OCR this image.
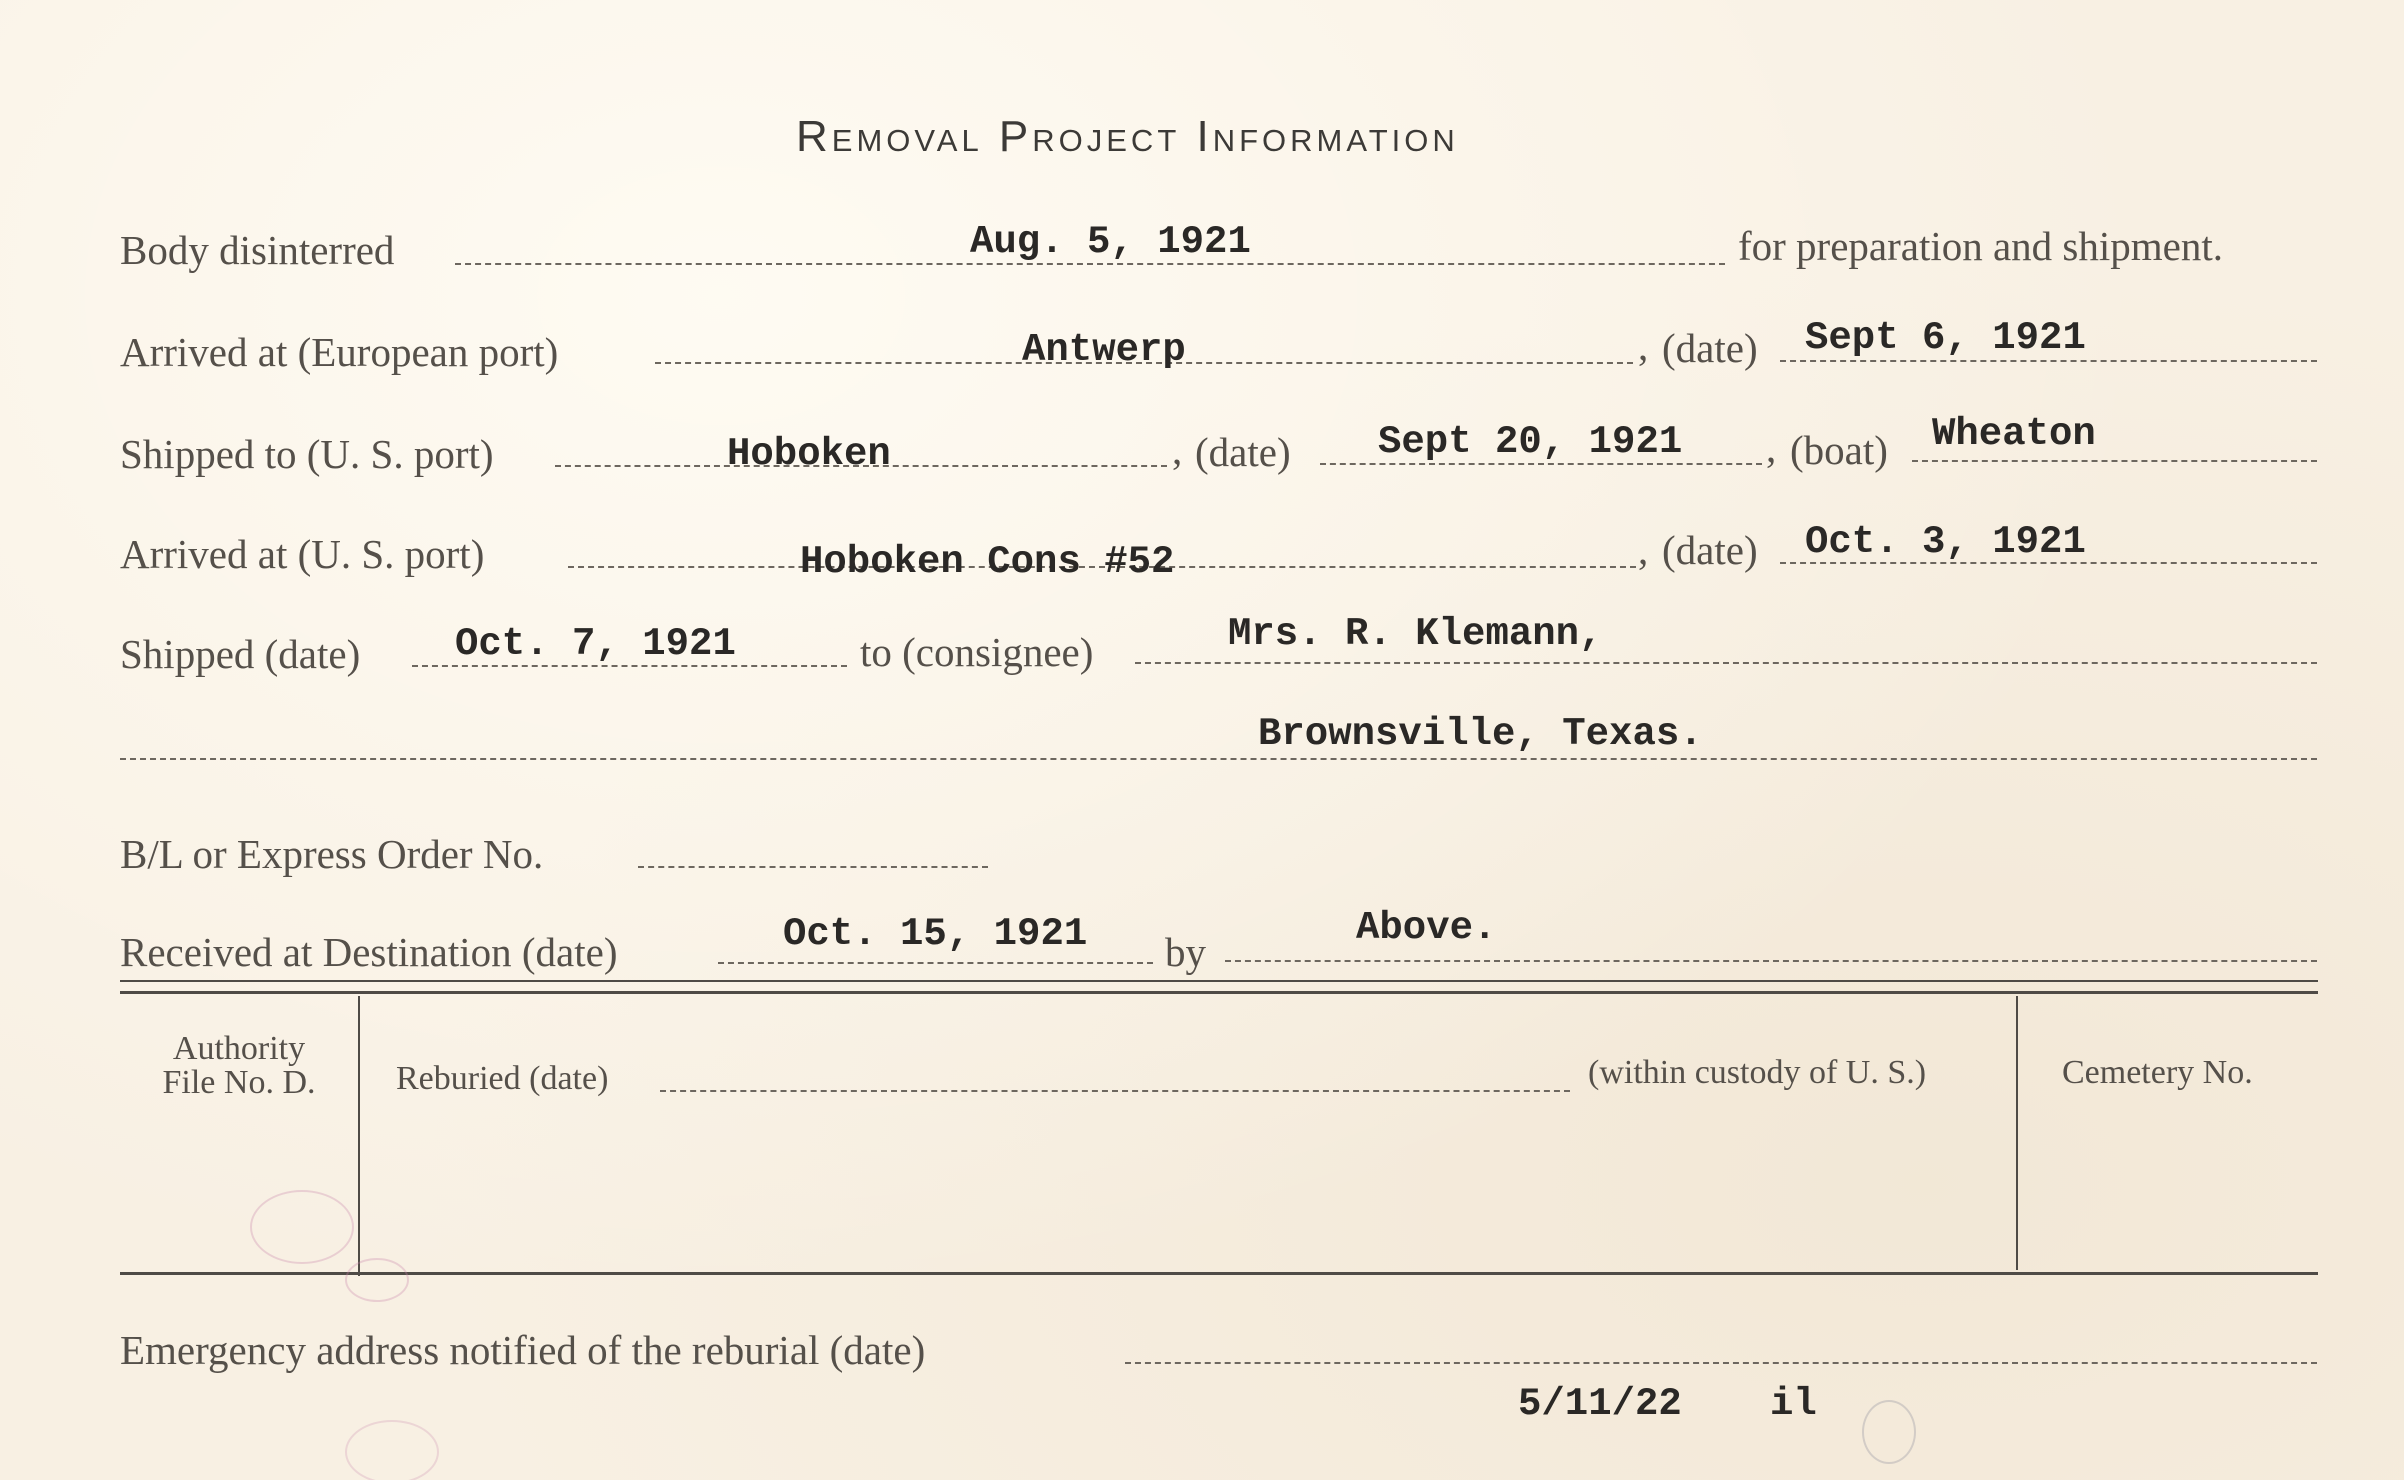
Removal Project Information
Body disinterred	Aug. 5, 1921	for preparation and shipment.
Arrived at (European port)	Antwerp	, (date) Sept 6, 1921
Shipped to (U. S. port)	Hoboken	, (date) Sept 20, 1921 , (boat) Wheaton
Arrived at (U. S. port)	Hoboken Cons #52	, (date) Oct. 3, 1921
Shipped (date) Oct. 7, 1921	to (consignee)	Mrs. R. Klemann,
Brownsville, Texas.
B/L or Express Order No.
Received at Destination (date)	Oct. 15, 1921 by
Above.
Authority
File No. D.	Reburied (date)	(within custody of U. S.)	Cemetery No.
Emergency address notified of the reburial (date)
5/11/22 il
